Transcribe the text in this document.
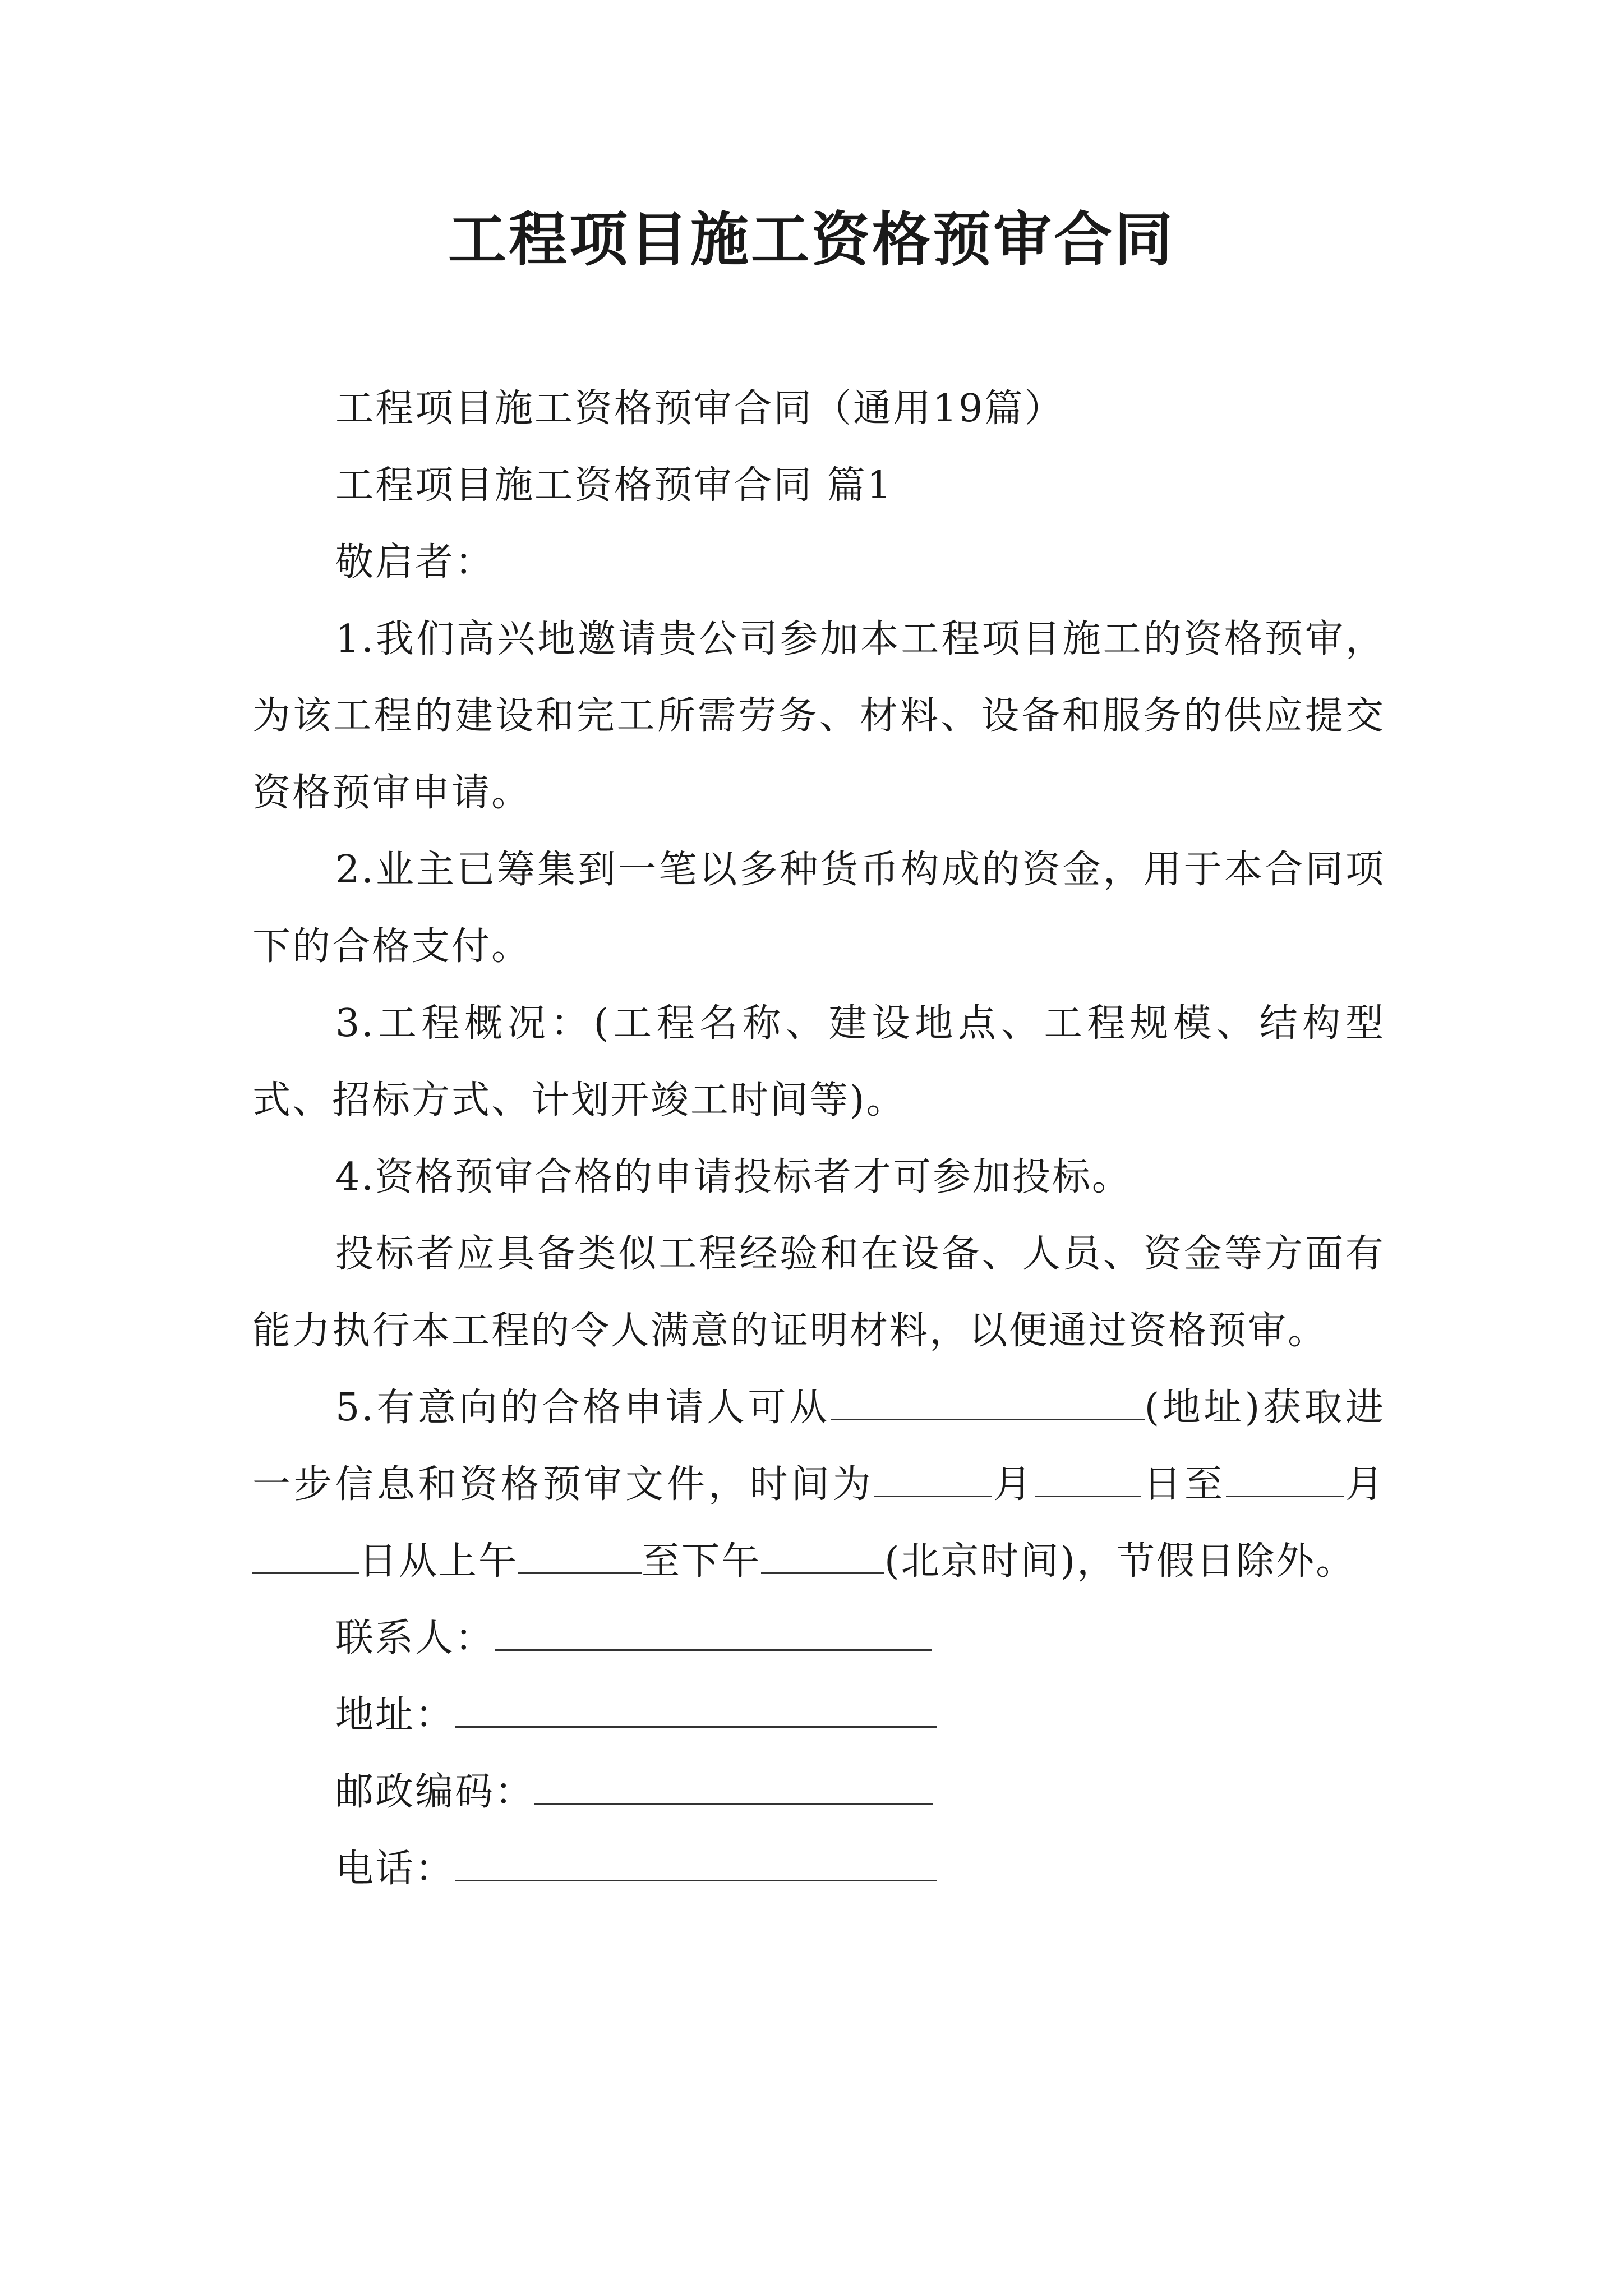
工程项目施工资格预审合同

工程项目施工资格预审合同（通用19篇）

工程项目施工资格预审合同 篇1

敬启者：

1.我们高兴地邀请贵公司参加本工程项目施工的资格预审，为该工程的建设和完工所需劳务、材料、设备和服务的供应提交资格预审申请。

2.业主已筹集到一笔以多种货币构成的资金，用于本合同项下的合格支付。

3.工程概况：(工程名称、建设地点、工程规模、结构型式、招标方式、计划开竣工时间等)。

4.资格预审合格的申请投标者才可参加投标。

投标者应具备类似工程经验和在设备、人员、资金等方面有能力执行本工程的令人满意的证明材料，以便通过资格预审。

5.有意向的合格申请人可从	(地址)获取进一步信息和资格预审文件，时间为	月	日至	月日从上午	至下午	(北京时间)，节假日除外。

联系人：

地址：

邮政编码：

电话：
